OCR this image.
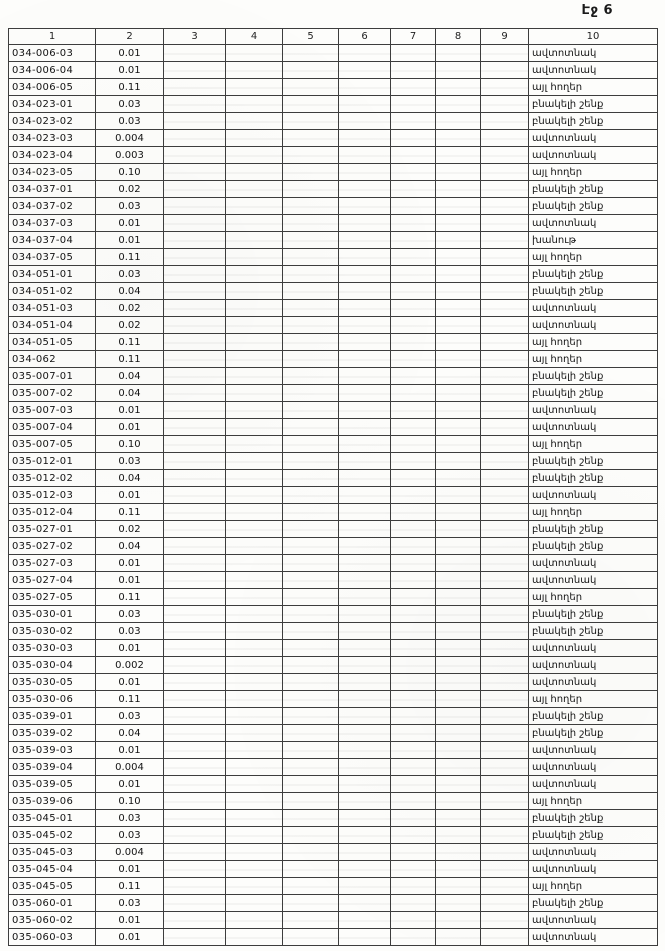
Էջ 6
1	2	3	4	5	6	7	8	9	10
034-006-03	0.01								ավտոտնակ
034-006-04	0.01								ավտոտնակ
034-006-05	0.11								այլ հողեր
034-023-01	0.03								բնակելի շենք
034-023-02	0.03								բնակելի շենք
034-023-03	0.004								ավտոտնակ
034-023-04	0.003								ավտոտնակ
034-023-05	0.10								այլ հողեր
034-037-01	0.02								բնակելի շենք
034-037-02	0.03								բնակելի շենք
034-037-03	0.01								ավտոտնակ
034-037-04	0.01								խանութ
034-037-05	0.11								այլ հողեր
034-051-01	0.03								բնակելի շենք
034-051-02	0.04								բնակելի շենք
034-051-03	0.02								ավտոտնակ
034-051-04	0.02								ավտոտնակ
034-051-05	0.11								այլ հողեր
034-062	0.11								այլ հողեր
035-007-01	0.04								բնակելի շենք
035-007-02	0.04								բնակելի շենք
035-007-03	0.01								ավտոտնակ
035-007-04	0.01								ավտոտնակ
035-007-05	0.10								այլ հողեր
035-012-01	0.03								բնակելի շենք
035-012-02	0.04								բնակելի շենք
035-012-03	0.01								ավտոտնակ
035-012-04	0.11								այլ հողեր
035-027-01	0.02								բնակելի շենք
035-027-02	0.04								բնակելի շենք
035-027-03	0.01								ավտոտնակ
035-027-04	0.01								ավտոտնակ
035-027-05	0.11								այլ հողեր
035-030-01	0.03								բնակելի շենք
035-030-02	0.03								բնակելի շենք
035-030-03	0.01								ավտոտնակ
035-030-04	0.002								ավտոտնակ
035-030-05	0.01								ավտոտնակ
035-030-06	0.11								այլ հողեր
035-039-01	0.03								բնակելի շենք
035-039-02	0.04								բնակելի շենք
035-039-03	0.01								ավտոտնակ
035-039-04	0.004								ավտոտնակ
035-039-05	0.01								ավտոտնակ
035-039-06	0.10								այլ հողեր
035-045-01	0.03								բնակելի շենք
035-045-02	0.03								բնակելի շենք
035-045-03	0.004								ավտոտնակ
035-045-04	0.01								ավտոտնակ
035-045-05	0.11								այլ հողեր
035-060-01	0.03								բնակելի շենք
035-060-02	0.01								ավտոտնակ
035-060-03	0.01								ավտոտնակ
